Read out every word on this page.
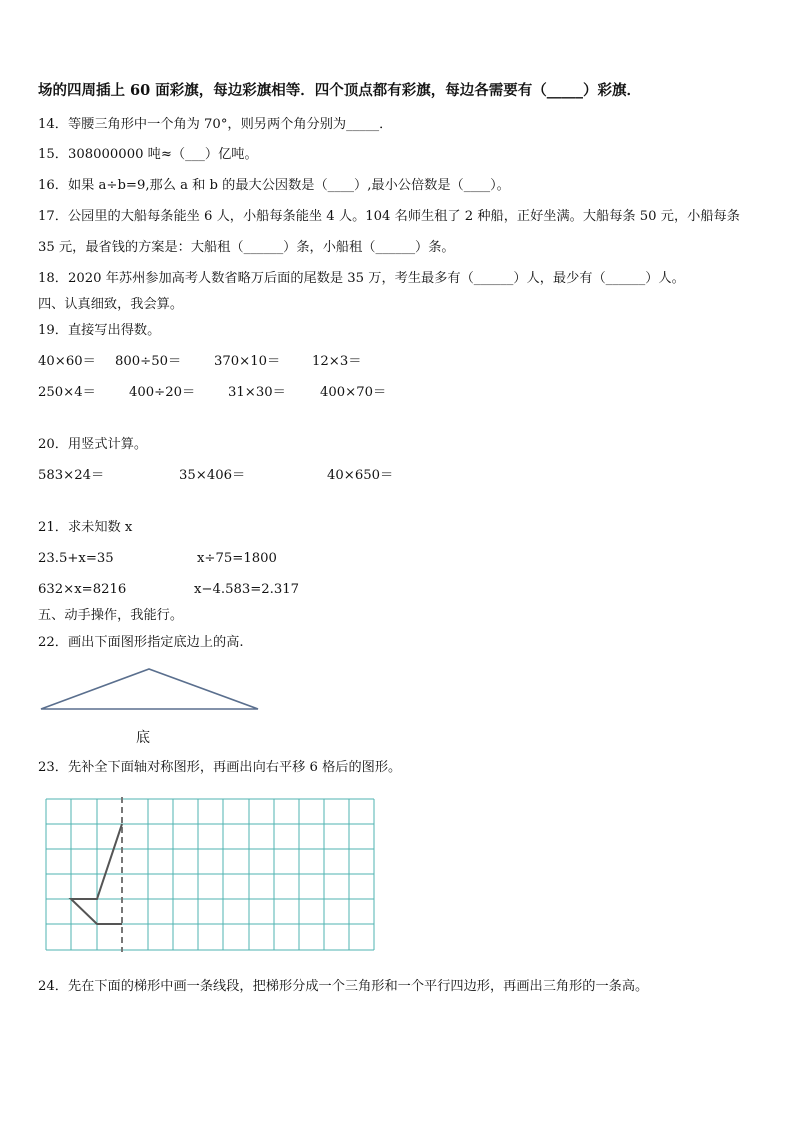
场的四周插上 60 面彩旗，每边彩旗相等．四个顶点都有彩旗，每边各需要有（_____）彩旗．
14．等腰三角形中一个角为 70°，则另两个角分别为_____．
15．308000000 吨≈（___）亿吨。
16．如果 a÷b=9,那么 a 和 b 的最大公因数是（____）,最小公倍数是（____）。
17．公园里的大船每条能坐 6 人，小船每条能坐 4 人。104 名师生租了 2 种船，正好坐满。大船每条 50 元，小船每条
35 元，最省钱的方案是：大船租（______）条，小船租（______）条。
18．2020 年苏州参加高考人数省略万后面的尾数是 35 万，考生最多有（______）人，最少有（______）人。
四、认真细致，我会算。
19．直接写出得数。
40×60＝ 800÷50＝ 370×10＝ 12×3＝
250×4＝	400÷20＝ 31×30＝	400×70＝
20．用竖式计算。
583×24＝	35×406＝	40×650＝
21．求未知数 x
23.5+x=35	x÷75=1800
632×x=8216	x−4.583=2.317
五、动手操作，我能行。
22．画出下面图形指定底边上的高.
底
23．先补全下面轴对称图形，再画出向右平移 6 格后的图形。
24．先在下面的梯形中画一条线段，把梯形分成一个三角形和一个平行四边形，再画出三角形的一条高。
